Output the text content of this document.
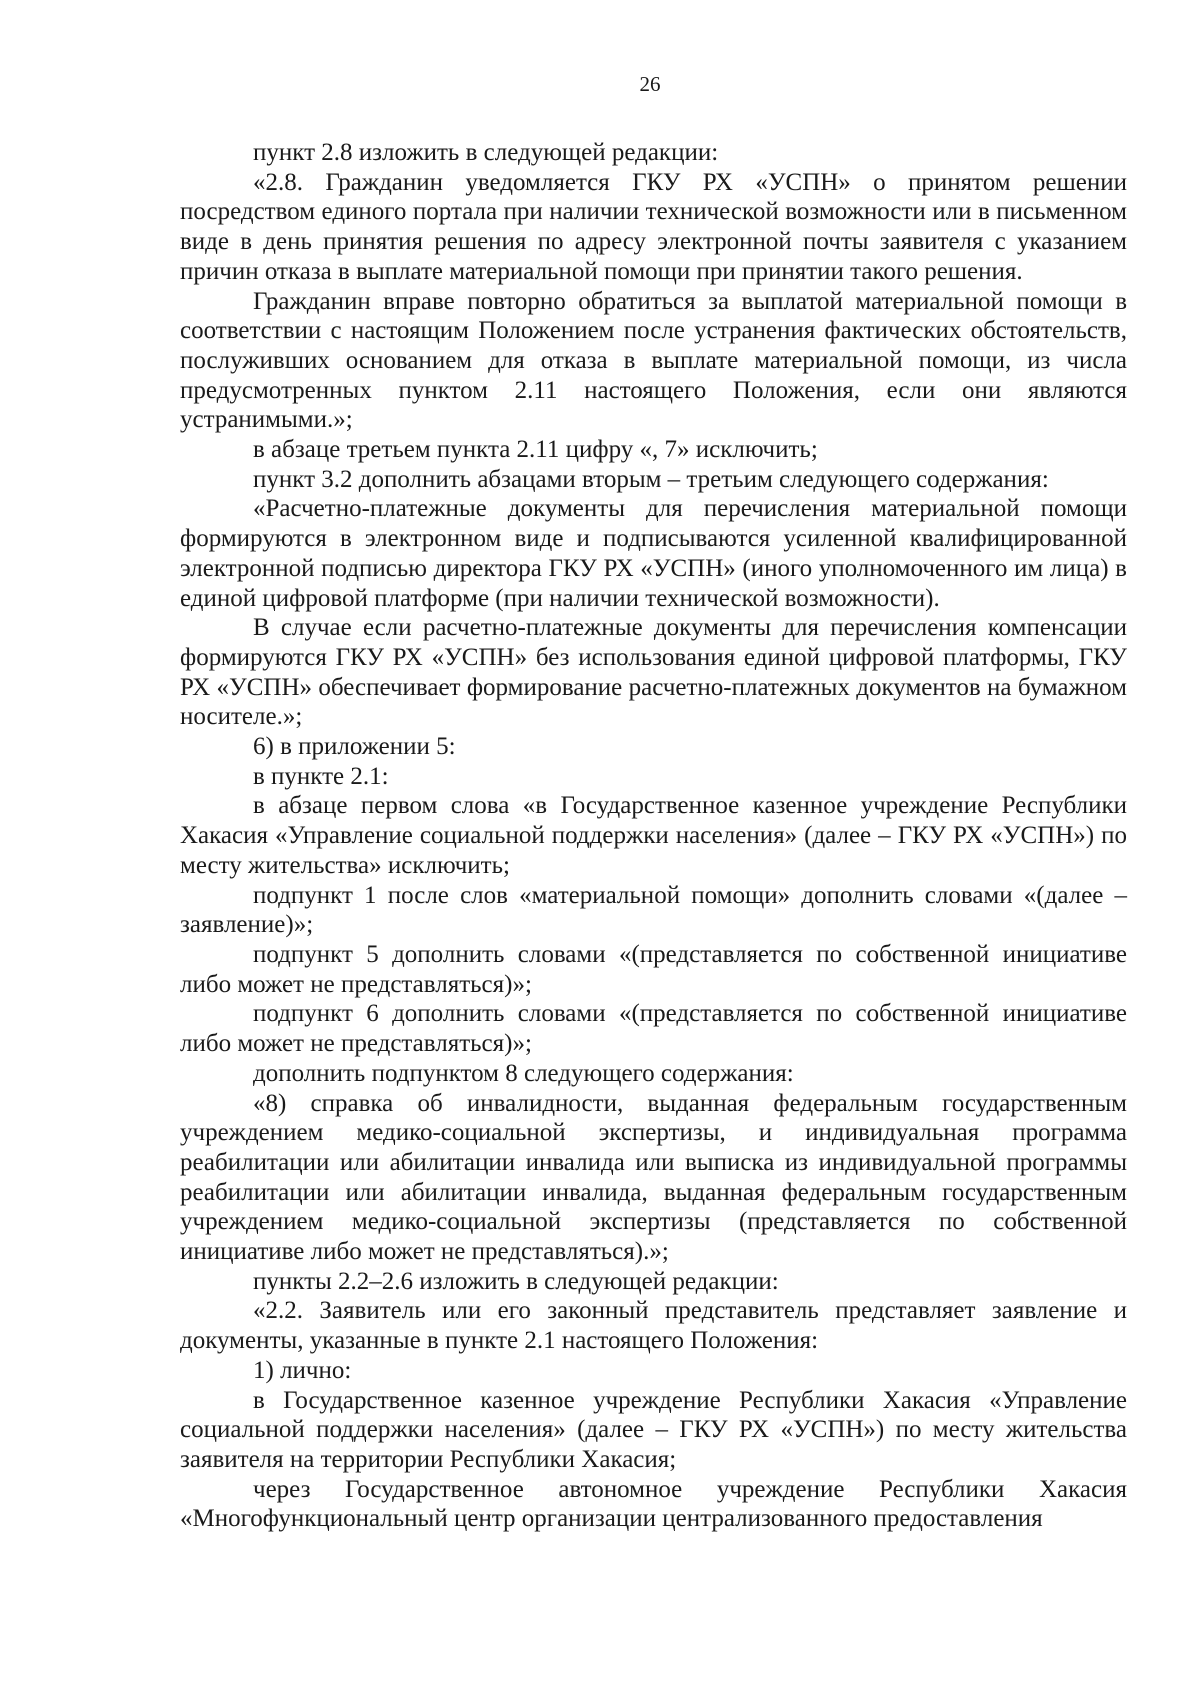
26

пункт 2.8 изложить в следующей редакции:

«2.8. Гражданин уведомляется ГКУ РХ «УСПН» о принятом решении посредством единого портала при наличии технической возможности или в письменном виде в день принятия решения по адресу электронной почты заявителя с указанием причин отказа в выплате материальной помощи при принятии такого решения.

Гражданин вправе повторно обратиться за выплатой материальной помощи в соответствии с настоящим Положением после устранения фактических обстоятельств, послуживших основанием для отказа в выплате материальной помощи, из числа предусмотренных пунктом 2.11 настоящего Положения, если они являются устранимыми.»;

в абзаце третьем пункта 2.11 цифру «, 7» исключить;

пункт 3.2 дополнить абзацами вторым – третьим следующего содержания:

«Расчетно-платежные документы для перечисления материальной помощи формируются в электронном виде и подписываются усиленной квалифицированной электронной подписью директора ГКУ РХ «УСПН» (иного уполномоченного им лица) в единой цифровой платформе (при наличии технической возможности).

В случае если расчетно-платежные документы для перечисления компенсации формируются ГКУ РХ «УСПН» без использования единой цифровой платформы, ГКУ РХ «УСПН» обеспечивает формирование расчетно-платежных документов на бумажном носителе.»;

6) в приложении 5:

в пункте 2.1:

в абзаце первом слова «в Государственное казенное учреждение Республики Хакасия «Управление социальной поддержки населения» (далее – ГКУ РХ «УСПН») по месту жительства» исключить;

подпункт 1 после слов «материальной помощи» дополнить словами «(далее – заявление)»;

подпункт 5 дополнить словами «(представляется по собственной инициативе либо может не представляться)»;

подпункт 6 дополнить словами «(представляется по собственной инициативе либо может не представляться)»;

дополнить подпунктом 8 следующего содержания:

«8) справка об инвалидности, выданная федеральным государственным учреждением медико-социальной экспертизы, и индивидуальная программа реабилитации или абилитации инвалида или выписка из индивидуальной программы реабилитации или абилитации инвалида, выданная федеральным государственным учреждением медико-социальной экспертизы (представляется по собственной инициативе либо может не представляться).»;

пункты 2.2–2.6 изложить в следующей редакции:

«2.2. Заявитель или его законный представитель представляет заявление и документы, указанные в пункте 2.1 настоящего Положения:

1) лично:

в Государственное казенное учреждение Республики Хакасия «Управление социальной поддержки населения» (далее – ГКУ РХ «УСПН») по месту жительства заявителя на территории Республики Хакасия;

через Государственное автономное учреждение Республики Хакасия «Многофункциональный центр организации централизованного предоставления
